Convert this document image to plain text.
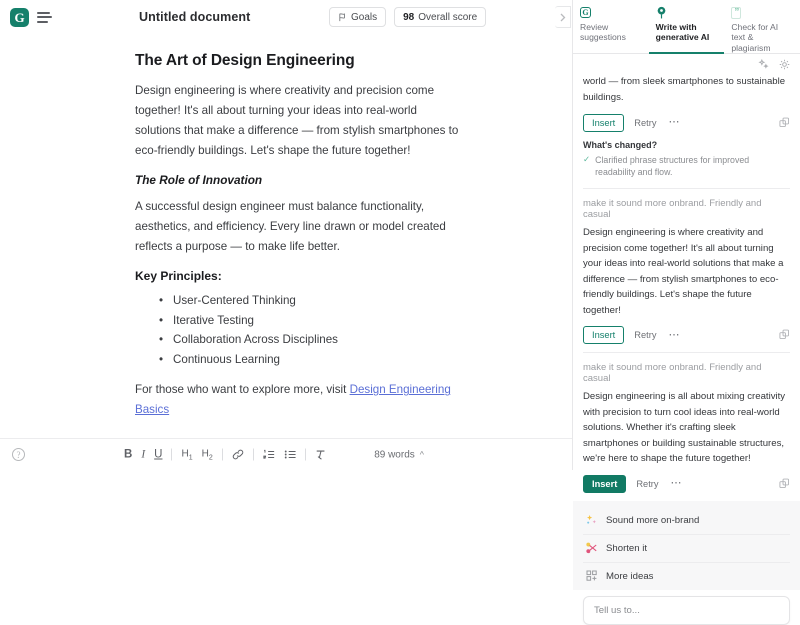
G	Untitled document	Goals	98 Overall score
The Art of Design Engineering

Design engineering is where creativity and precision come together! It's all about turning your ideas into real-world solutions that make a difference — from stylish smartphones to eco-friendly buildings. Let's shape the future together!

The Role of Innovation

A successful design engineer must balance functionality, aesthetics, and efficiency. Every line drawn or model created reflects a purpose — to make life better.

Key Principles:
• User-Centered Thinking
• Iterative Testing
• Collaboration Across Disciplines
• Continuous Learning

For those who want to explore more, visit Design Engineering Basics

?	B I U $H_1$ $H_2$	89 words ^
G
Review
suggestions
Write with
generative AI
”
Check for AI
text & plagiarism
world — from sleek smartphones to sustainable buildings.
Insert	Retry ⋯
What's changed?
✓ Clarified phrase structures for improved readability and flow.
make it sound more onbrand. Friendly and casual
Design engineering is where creativity and precision come together! It's all about turning your ideas into real-world solutions that make a difference — from stylish smartphones to eco-friendly buildings. Let's shape the future together!
Insert	Retry ⋯
make it sound more onbrand. Friendly and casual
Design engineering is all about mixing creativity with precision to turn cool ideas into real-world solutions. Whether it's crafting sleek smartphones or building sustainable structures, we're here to shape the future together!
Insert	Retry ⋯
Sound more on-brand
Shorten it
More ideas
Tell us to...
